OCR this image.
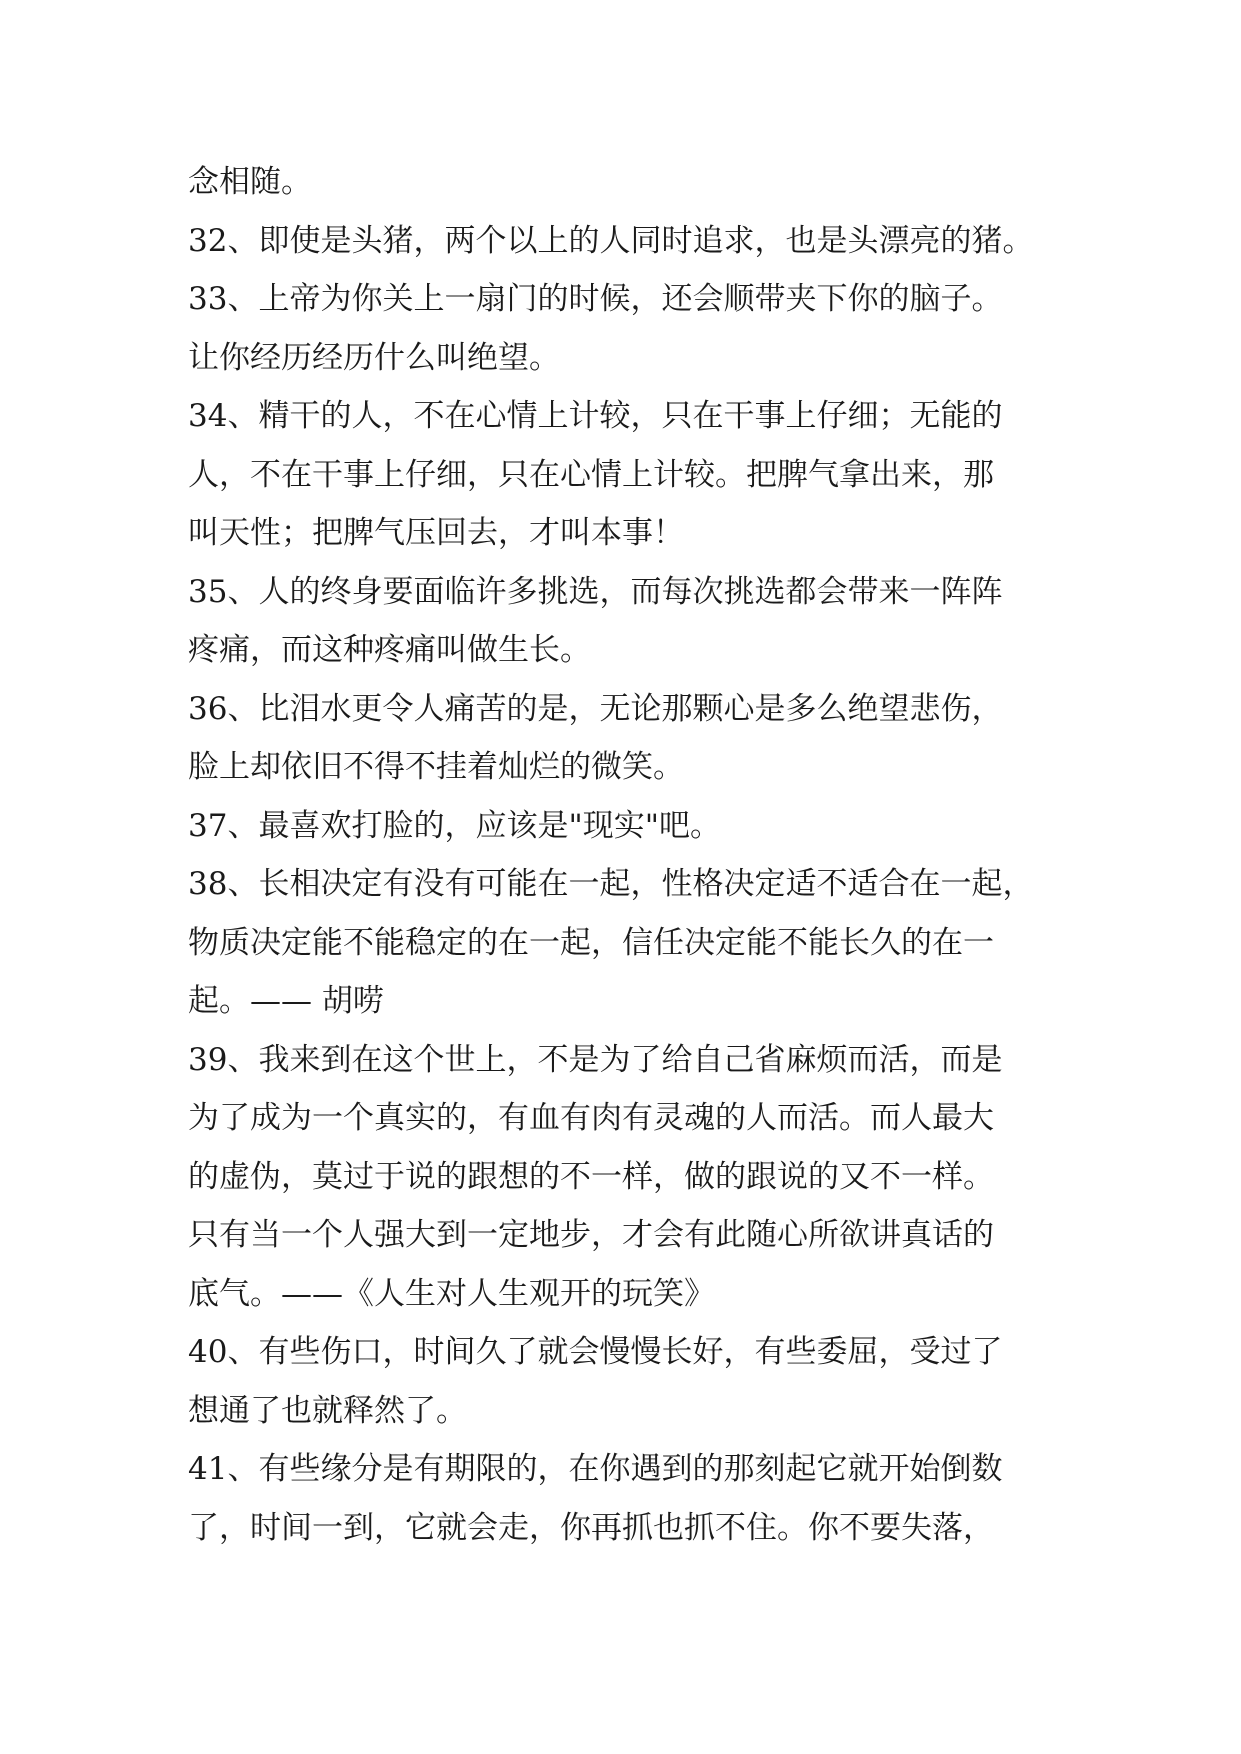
念相随。
32、即使是头猪，两个以上的人同时追求，也是头漂亮的猪。
33、上帝为你关上一扇门的时候，还会顺带夹下你的脑子。
让你经历经历什么叫绝望。
34、精干的人，不在心情上计较，只在干事上仔细；无能的
人，不在干事上仔细，只在心情上计较。把脾气拿出来，那
叫天性；把脾气压回去，才叫本事！
35、人的终身要面临许多挑选，而每次挑选都会带来一阵阵
疼痛，而这种疼痛叫做生长。
36、比泪水更令人痛苦的是，无论那颗心是多么绝望悲伤，
脸上却依旧不得不挂着灿烂的微笑。
37、最喜欢打脸的，应该是"现实"吧。
38、长相决定有没有可能在一起，性格决定适不适合在一起，
物质决定能不能稳定的在一起，信任决定能不能长久的在一
起。—— 胡唠
39、我来到在这个世上，不是为了给自己省麻烦而活，而是
为了成为一个真实的，有血有肉有灵魂的人而活。而人最大
的虚伪，莫过于说的跟想的不一样，做的跟说的又不一样。
只有当一个人强大到一定地步，才会有此随心所欲讲真话的
底气。——《人生对人生观开的玩笑》
40、有些伤口，时间久了就会慢慢长好，有些委屈，受过了
想通了也就释然了。
41、有些缘分是有期限的，在你遇到的那刻起它就开始倒数
了，时间一到，它就会走，你再抓也抓不住。你不要失落，
